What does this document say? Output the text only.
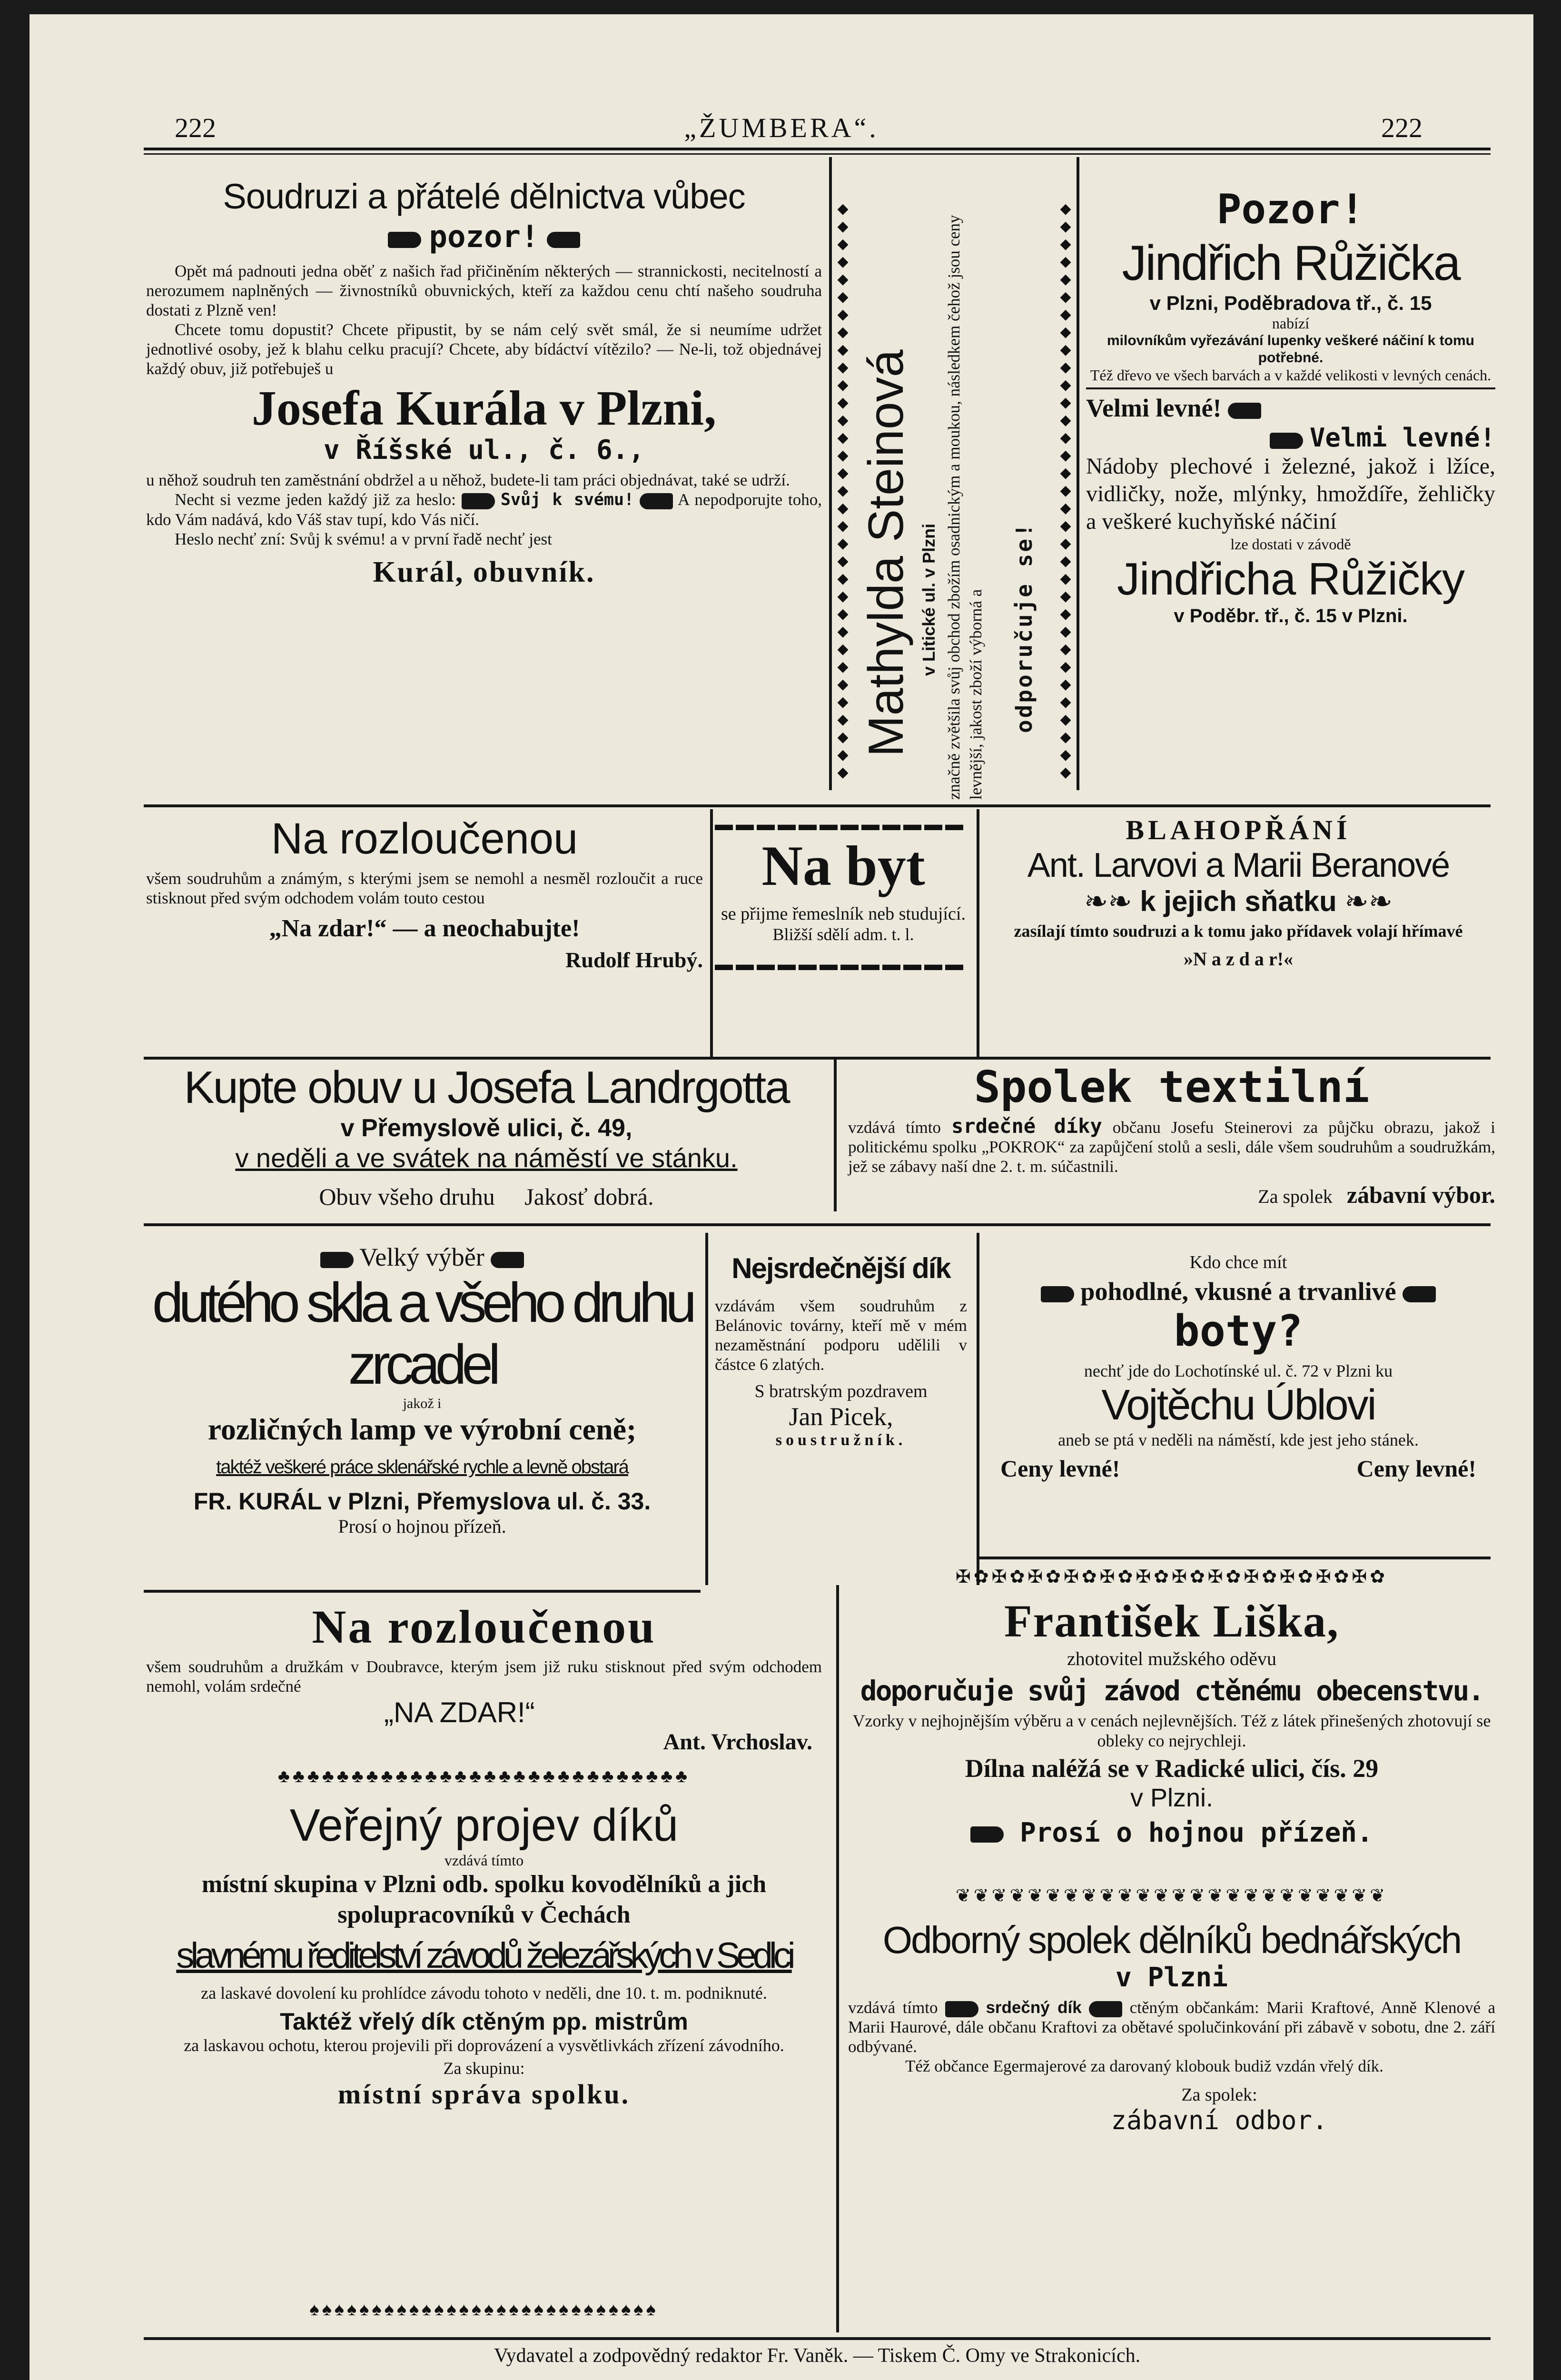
222	„ŽUMBERA“.	222
Soudruzi a přátelé dělnictva vůbec
pozor!
Opět má padnouti jedna oběť z našich řad přičiněním některých — strannickosti, necitelností a nerozumem naplněných — živnostníků obuvnických, kteří za každou cenu chtí našeho soudruha dostati z Plzně ven!
Chcete tomu dopustit? Chcete připustit, by se nám celý svět smál, že si neumíme udržet jednotlivé osoby, jež k blahu celku pracují? Chcete, aby bídáctví vítězilo? — Ne-li, tož objednávej každý obuv, již potřebuješ u
Josefa Kurála v Plzni,
v Říšské ul., č. 6.,
u něhož soudruh ten zaměstnání obdržel a u něhož, budete-li tam práci objednávat, také se udrží.
Necht si vezme jeden každý již za heslo:	Svůj k svému!	A nepodporujte toho, kdo Vám nadává, kdo Váš stav tupí, kdo Vás ničí.
Heslo nechť zní: Svůj k svému! a v první řadě nechť jest
Kurál, obuvník.
◆ ◆ ◆ ◆ ◆ ◆ ◆ ◆ ◆ ◆ ◆ ◆ ◆ ◆ ◆ ◆ ◆ ◆ ◆ ◆ ◆ ◆ ◆ ◆ ◆ ◆ ◆ ◆ ◆ ◆ ◆ ◆ ◆
◆ ◆ ◆ ◆ ◆ ◆ ◆ ◆ ◆ ◆ ◆ ◆ ◆ ◆ ◆ ◆ ◆ ◆ ◆ ◆ ◆ ◆ ◆ ◆ ◆ ◆ ◆ ◆ ◆ ◆ ◆ ◆ ◆
Mathylda Steinová v Litické ul. v Plzni značně zvětšila svůj obchod zbožím osadnickým a moukou, následkem čehož jsou ceny levnější, jakost zboží výborná a odporučuje se!
Pozor!
Jindřich Růžička
v Plzni, Poděbradova tř., č. 15
nabízí
milovníkům vyřezávání lupenky veškeré náčiní k tomu potřebné.
Též dřevo ve všech barvách a v každé velikosti v levných cenách.
Velmi levné!
Velmi levné!
Nádoby plechové i železné, jakož i lžíce, vidličky, nože, mlýnky, hmoždíře, žehličky a veškeré kuchyňské náčiní
lze dostati v závodě
Jindřicha Růžičky
v Poděbr. tř., č. 15 v Plzni.
Na rozloučenou
všem soudruhům a známým, s kterými jsem se nemohl a nesměl rozloučit a ruce stisknout před svým odchodem volám touto cestou
„Na zdar!“ — a neochabujte!
Rudolf Hrubý.
▬▬▬▬▬▬▬▬▬▬▬▬
Na byt
se přijme řemeslník neb studující.
Bližší sdělí adm. t. l.
▬▬▬▬▬▬▬▬▬▬▬▬
BLAHOPŘÁNÍ
Ant. Larvovi a Marii Beranové
❧❧ k jejich sňatku ❧❧
zasílají tímto soudruzi a k tomu jako přídavek volají hřímavé
»N a z d a r!«
Kupte obuv u Josefa Landrgotta
v Přemyslově ulici, č. 49,
v neděli a ve svátek na náměstí ve stánku.
Obuv všeho druhu Jakosť dobrá.
Spolek textilní
vzdává tímto srdečné díky občanu Josefu Steinerovi za půjčku obrazu, jakož i politickému spolku „POKROK“ za zapůjčení stolů a sesli, dále všem soudruhům a soudružkám, jež se zábavy naší dne 2. t. m. súčastnili.
Za spolek zábavní výbor.
Velký výběr
dutého skla a všeho druhu zrcadel
jakož i
rozličných lamp ve výrobní ceně;
taktéž veškeré práce sklenářské rychle a levně obstará
FR. KURÁL v Plzni, Přemyslova ul. č. 33.
Prosí o hojnou přízeň.
Nejsrdečnější dík
vzdávám všem soudruhům z Belánovic továrny, kteří mě v mém nezaměstnání podporu udělili v částce 6 zlatých.
S bratrským pozdravem
Jan Picek,
soustružník.
Kdo chce mít
pohodlné, vkusné a trvanlivé
boty?
nechť jde do Lochotínské ul. č. 72 v Plzni ku
Vojtěchu Úblovi
aneb se ptá v neděli na náměstí, kde jest jeho stánek.
Ceny levné!	Ceny levné!
Na rozloučenou
všem soudruhům a družkám v Doubravce, kterým jsem již ruku stisknout před svým odchodem nemohl, volám srdečné
„NA ZDAR!“
Ant. Vrchoslav.
♣♣♣♣♣♣♣♣♣♣♣♣♣♣♣♣♣♣♣♣♣♣♣♣♣♣♣♣
Veřejný projev díků
vzdává tímto
místní skupina v Plzni odb. spolku kovodělníků a jich spolupracovníků v Čechách
slavnému ředitelství závodů železářských v Sedlci
za laskavé dovolení ku prohlídce závodu tohoto v neděli, dne 10. t. m. podniknuté.
Taktéž vřelý dík ctěným pp. mistrům
za laskavou ochotu, kterou projevili při doprovázení a vysvětlivkách zřízení závodního.
Za skupinu:
místní správa spolku.
♠♠♠♠♠♠♠♠♠♠♠♠♠♠♠♠♠♠♠♠♠♠♠♠♠♠♠♠
✠✿✠✿✠✿✠✿✠✿✠✿✠✿✠✿✠✿✠✿✠✿✠✿
František Liška,
zhotovitel mužského oděvu
doporučuje svůj závod ctěnému obecenstvu.
Vzorky v nejhojnějším výběru a v cenách nejlevnějších. Též z látek přinešených zhotovují se obleky co nejrychleji.
Dílna naléžá se v Radické ulici, čís. 29
v Plzni.
Prosí o hojnou přízeň.
❦❦❦❦❦❦❦❦❦❦❦❦❦❦❦❦❦❦❦❦❦❦❦❦
Odborný spolek dělníků bednářských
v Plzni
vzdává tímto	srdečný dík	ctěným občankám: Marii Kraftové, Anně Klenové a Marii Haurové, dále občanu Kraftovi za obětavé spolučinkování při zábavě v sobotu, dne 2. září odbývané.
Též občance Egermajerové za darovaný klobouk budiž vzdán vřelý dík.
Za spolek:
zábavní odbor.
Vydavatel a zodpovědný redaktor Fr. Vaněk. — Tiskem Č. Omy ve Strakonicích.
